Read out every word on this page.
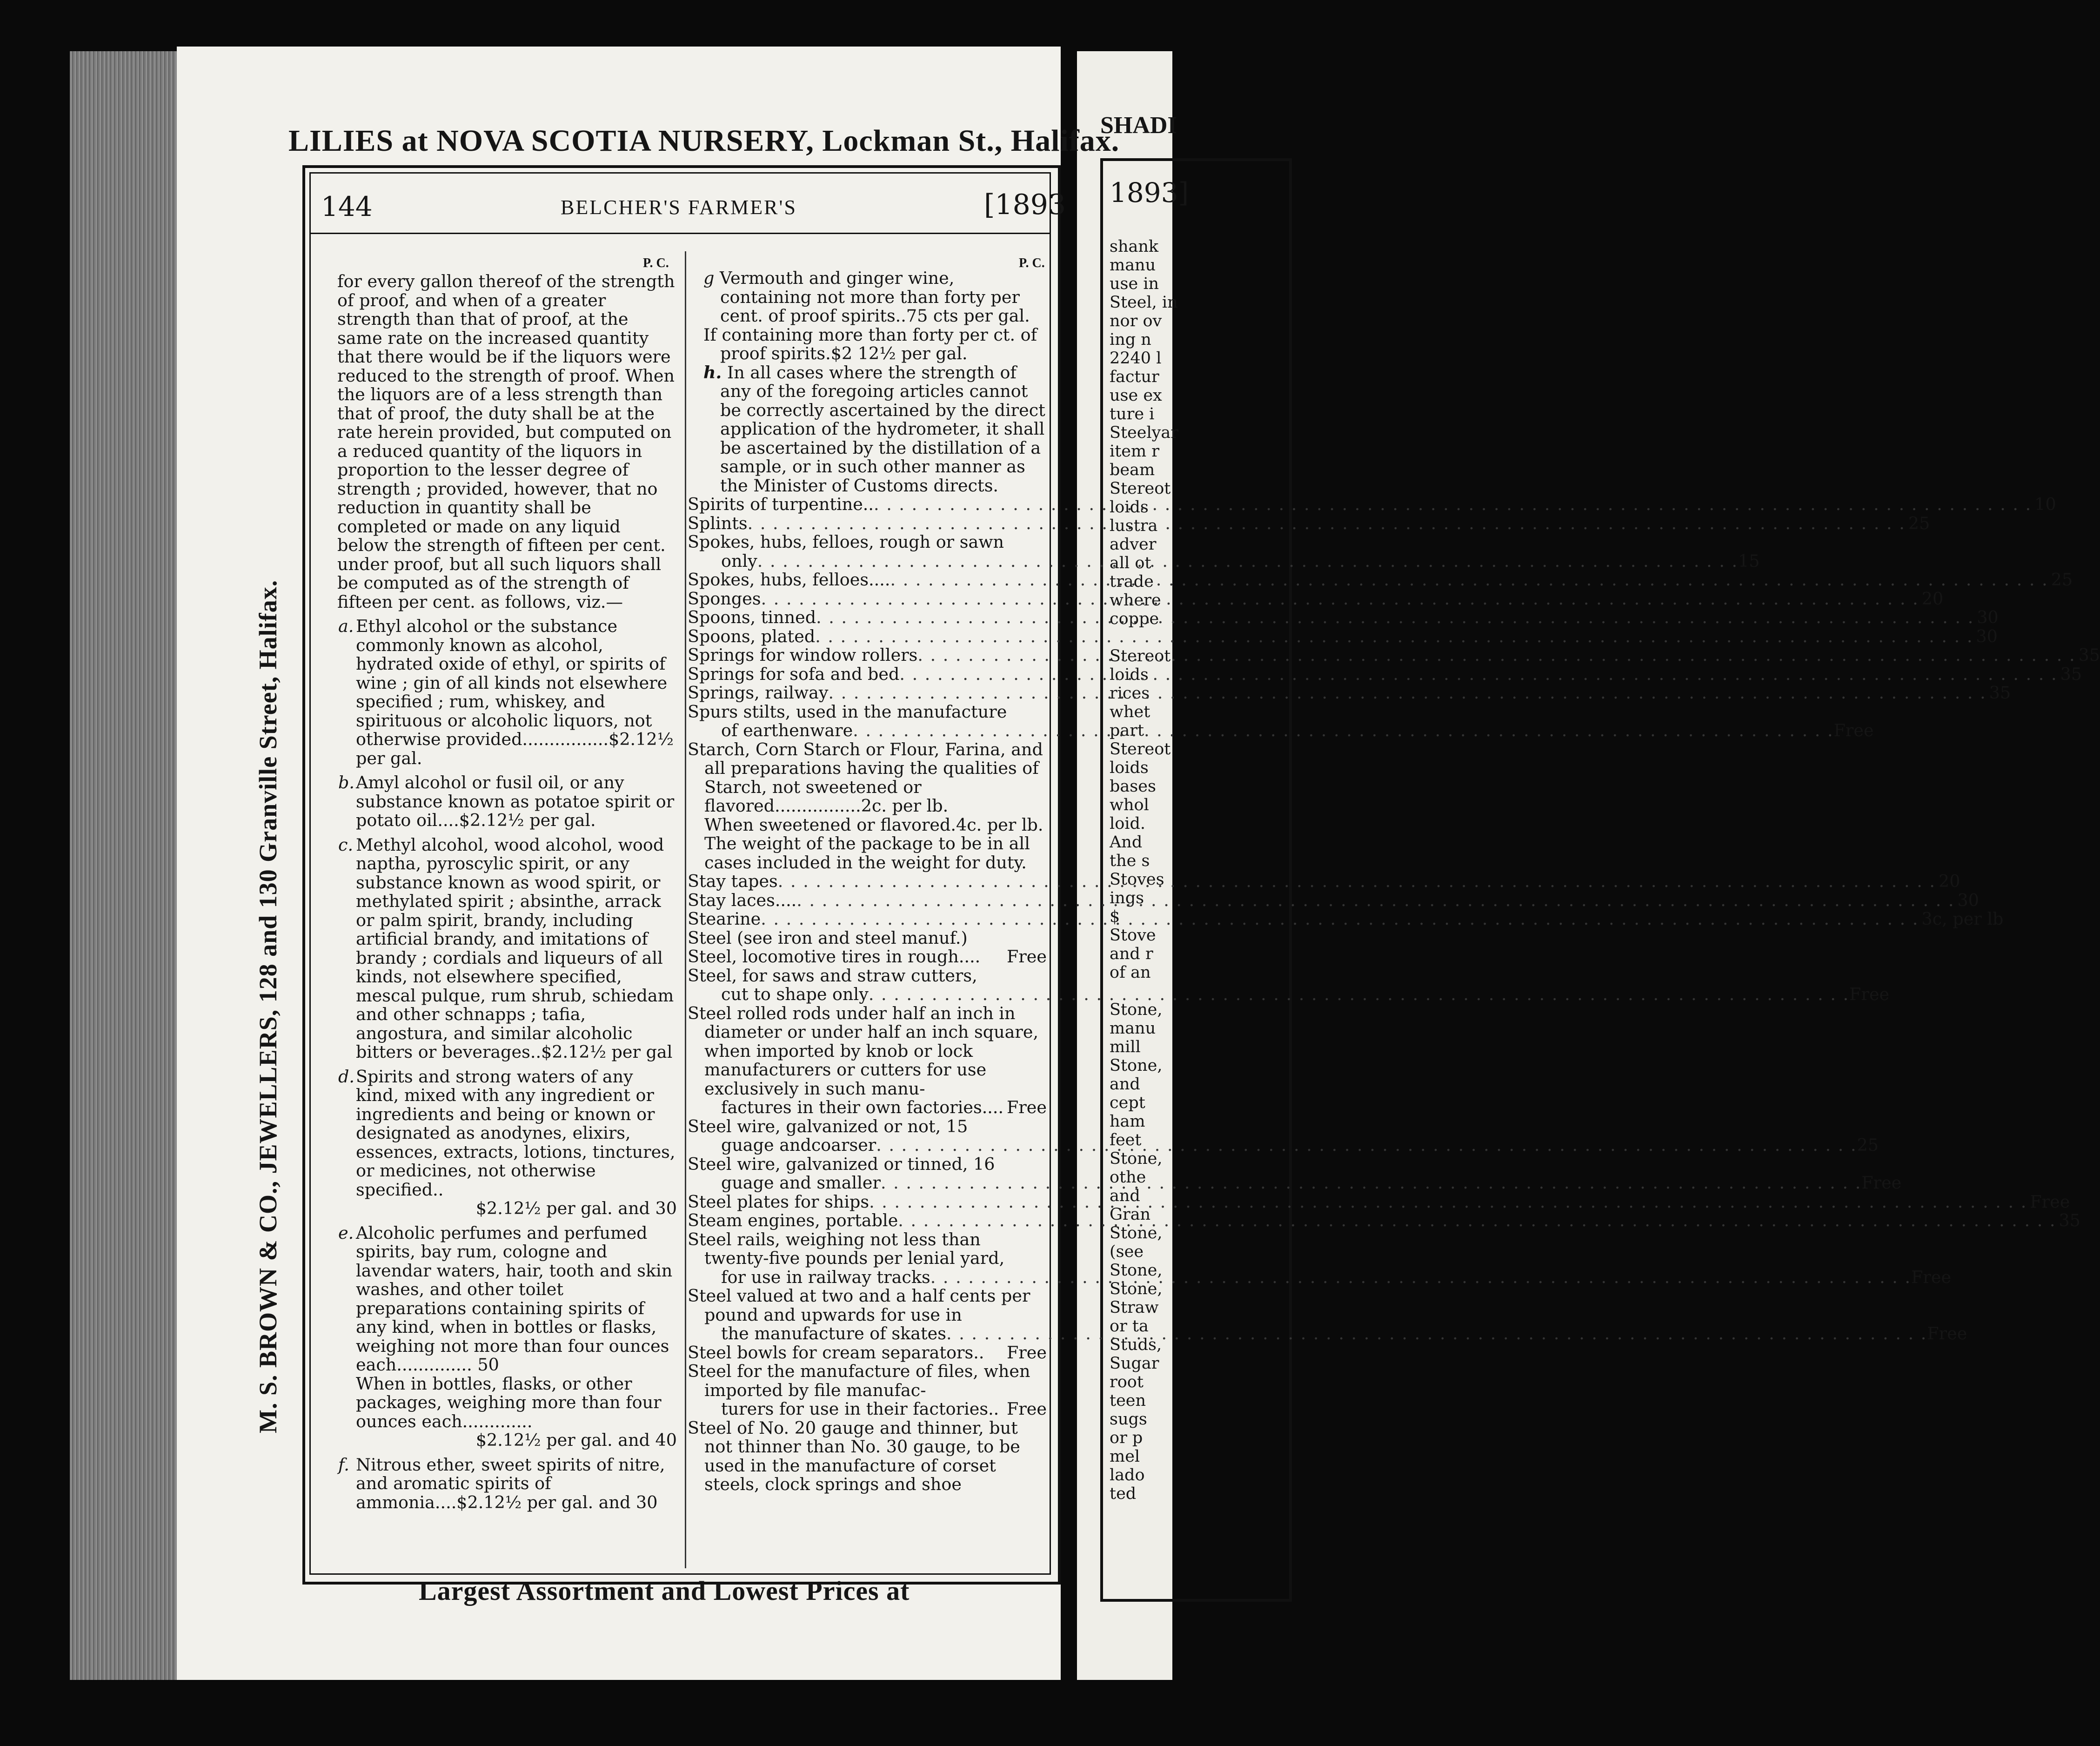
SHADI
1893]
shank
manu
use in
Steel, in
nor ov
ing n
2240 l
factur
use ex
ture i
Steelyar
item r
beam
Stereot
loids
lustra
adver
all ot
trade
where
coppe

Stereot
loids
rices
whet
part
Stereot
loids
bases
whol
loid.
And
the s
Stoves
ings
$
Stove
and r
of an

Stone,
manu
mill
Stone,
and
cept
ham
feet
Stone,
othe
and
Gran
Stone,
(see
Stone,
Stone,
Straw
or ta
Studs,
Sugar
root
teen
sugs
or p
mel
lado
ted
LILIES at NOVA SCOTIA NURSERY, Lockman St., Halifax.
M. S. BROWN & CO., JEWELLERS, 128 and 130 Granville Street, Halifax.
Largest Assortment and Lowest Prices at
144	BELCHER'S FARMER'S	[1893
P. C.	P. C.

for every gallon thereof of the strength of proof, and when of a greater strength than that of proof, at the same rate on the increased quantity that there would be if the liquors were reduced to the strength of proof. When the liquors are of a less strength than that of proof, the duty shall be at the rate herein provided, but computed on a reduced quantity of the liquors in proportion to the lesser degree of strength ; provided, however, that no reduction in quantity shall be completed or made on any liquid below the strength of fifteen per cent. under proof, but all such liquors shall be computed as of the strength of fifteen per cent. as follows, viz.—

a. Ethyl alcohol or the substance commonly known as alcohol, hydrated oxide of ethyl, or spirits of wine ; gin of all kinds not elsewhere specified ; rum, whiskey, and spirituous or alcoholic liquors, not otherwise provided................$2.12½ per gal.

b.Amyl alcohol or fusil oil, or any substance known as potatoe spirit or potato oil....$2.12½ per gal.

c. Methyl alcohol, wood alcohol, wood naptha, pyroscylic spirit, or any substance known as wood spirit, or methylated spirit ; absinthe, arrack or palm spirit, brandy, including artificial brandy, and imitations of brandy ; cordials and liqueurs of all kinds, not elsewhere specified, mescal pulque, rum shrub, schiedam and other schnapps ; tafia, angostura, and similar alcoholic bitters or beverages..$2.12½ per gal

d.Spirits and strong waters of any kind, mixed with any ingredient or ingredients and being or known or designated as anodynes, elixirs, essences, extracts, lotions, tinctures, or medicines, not otherwise specified..
$2.12½ per gal. and 30

e. Alcoholic perfumes and perfumed spirits, bay rum, cologne and lavendar waters, hair, tooth and skin washes, and other toilet preparations containing spirits of any kind, when in bottles or flasks, weighing not more than four ounces each.............. 50

When in bottles, flasks, or other packages, weighing more than four ounces each.............
$2.12½ per gal. and 40

f. Nitrous ether, sweet spirits of nitre, and aromatic spirits of ammonia....$2.12½ per gal. and 30

g Vermouth and ginger wine, containing not more than forty per cent. of proof spirits..75 cts per gal.

If containing more than forty per ct. of proof spirits.$2 12½ per gal.

h. In all cases where the strength of any of the foregoing articles cannot be correctly ascertained by the direct application of the hydrometer, it shall be ascertained by the distillation of a sample, or in such other manner as the Minister of Customs directs.

Spirits of turpentine.. . . .	10
Splints . . .	25
Spokes, hubs, felloes, rough or sawn
only . . .	15
Spokes, hubs, felloes.... . . .	25
Sponges . . .	20
Spoons, tinned . . .	30
Spoons, plated . . .	30
Springs for window rollers . . .	35
Springs for sofa and bed . . .	35
Springs, railway . . .	35
Spurs stilts, used in the manufacture
of earthenware . . .	Free

Starch, Corn Starch or Flour, Farina, and all preparations having the qualities of Starch, not sweetened or flavored................2c. per lb.

When sweetened or flavored.4c. per lb.

The weight of the package to be in all cases included in the weight for duty.

Stay tapes . . .	20
Stay laces.... . . .	30
Stearine . . .	3c, per lb

Steel (see iron and steel manuf.)

Steel, locomotive tires in rough.... Free
Steel, for saws and straw cutters,
cut to shape only . . .	Free
Steel rolled rods under half an inch in diameter or under half an inch square, when imported by knob or lock manufacturers or cutters for use exclusively in such manu-
factures in their own factories.... Free
Steel wire, galvanized or not, 15
guage andcoarser . . .	25
Steel wire, galvanized or tinned, 16
guage and smaller . . .	Free
Steel plates for ships . . .	Free
Steam engines, portable . . .	35
Steel rails, weighing not less than twenty-five pounds per lenial yard,
for use in railway tracks . . .	Free
Steel valued at two and a half cents per pound and upwards for use in
the manufacture of skates . . .	Free
Steel bowls for cream separators.. Free
Steel for the manufacture of files, when imported by file manufac-
turers for use in their factories.. Free

Steel of No. 20 gauge and thinner, but not thinner than No. 30 gauge, to be used in the manufacture of corset steels, clock springs and shoe
